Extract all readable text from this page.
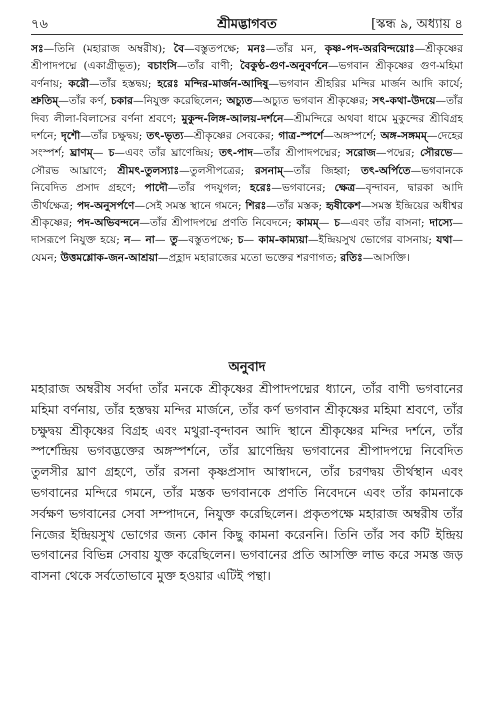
৭৬	শ্রীমদ্ভাগবত	[স্কন্ধ ৯, অধ্যায় ৪

সঃ—তিনি (মহারাজ অম্বরীষ); বৈ—বস্তুতপক্ষে; মনঃ—তাঁর মন, কৃষ্ণ-পদ-অরবিন্দয়োঃ—শ্রীকৃষ্ণের শ্রীপাদপদ্মে (একাগ্রীভূত); বচাংসি—তাঁর বাণী; বৈকুণ্ঠ-গুণ-অনুবর্ণনে—ভগবান শ্রীকৃষ্ণের গুণ-মহিমা বর্ণনায়; করৌ—তাঁর হস্তদ্বয়; হরেঃ মন্দির-মার্জন-আদিষু—ভগবান শ্রীহরির মন্দির মার্জন আদি কার্যে; শ্রুতিম্—তাঁর কর্ণ, চকার—নিযুক্ত করেছিলেন; অচ্যুত—অচ্যুত ভগবান শ্রীকৃষ্ণের; সৎ-কথা-উদয়ে—তাঁর দিব্য লীলা-বিলাসের বর্ণনা শ্রবণে; মুকুন্দ-লিঙ্গ-আলয়-দর্শনে—শ্রীমন্দিরে অথবা ধামে মুকুন্দের শ্রীবিগ্রহ দর্শনে; দৃশৌ—তাঁর চক্ষুদ্বয়; তৎ-ভৃত্য—শ্রীকৃষ্ণের সেবকের; গাত্র-স্পর্শে—অঙ্গস্পর্শে; অঙ্গ-সঙ্গমম্—দেহের সংস্পর্শ; ঘ্রাণম্— চ—এবং তাঁর ঘ্রাণেন্দ্রিয়; তৎ-পাদ—তাঁর শ্রীপাদপদ্মের; সরোজ—পদ্মের; সৌরভে—সৌরভ আঘ্রাণে; শ্রীমৎ-তুলস্যাঃ—তুলসীপত্রের; রসনাম্—তাঁর জিহ্বা; তৎ-অর্পিতে—ভগবানকে নিবেদিত প্রসাদ গ্রহণে; পাদৌ—তাঁর পদযুগল; হরেঃ—ভগবানের; ক্ষেত্র—বৃন্দাবন, দ্বারকা আদি তীর্থক্ষেত্র; পদ-অনুসর্পণে—সেই সমস্ত স্থানে গমনে; শিরঃ—তাঁর মস্তক; হৃষীকেশ—সমস্ত ইন্দ্রিয়ের অধীশ্বর শ্রীকৃষ্ণের; পদ-অভিবন্দনে—তাঁর শ্রীপাদপদ্মে প্রণতি নিবেদনে; কামম্— চ—এবং তাঁর বাসনা; দাস্যে—দাসরূপে নিযুক্ত হয়ে; ন— না— তু—বস্তুতপক্ষে; চ— কাম-কাম্যয়া—ইন্দ্রিয়সুখ ভোগের বাসনায়; যথা—যেমন; উত্তমশ্লোক-জন-আশ্রয়া—প্রহ্লাদ মহারাজের মতো ভক্তের শরণাগত; রতিঃ—আসক্তি।

অনুবাদ

মহারাজ অম্বরীষ সর্বদা তাঁর মনকে শ্রীকৃষ্ণের শ্রীপাদপদ্মের ধ্যানে, তাঁর বাণী ভগবানের মহিমা বর্ণনায়, তাঁর হস্তদ্বয় মন্দির মার্জনে, তাঁর কর্ণ ভগবান শ্রীকৃষ্ণের মহিমা শ্রবণে, তাঁর চক্ষুদ্বয় শ্রীকৃষ্ণের বিগ্রহ এবং মথুরা-বৃন্দাবন আদি স্থানে শ্রীকৃষ্ণের মন্দির দর্শনে, তাঁর স্পর্শেন্দ্রিয় ভগবদ্ভক্তের অঙ্গস্পর্শনে, তাঁর ঘ্রাণেন্দ্রিয় ভগবানের শ্রীপাদপদ্মে নিবেদিত তুলসীর ঘ্রাণ গ্রহণে, তাঁর রসনা কৃষ্ণপ্রসাদ আস্বাদনে, তাঁর চরণদ্বয় তীর্থস্থান এবং ভগবানের মন্দিরে গমনে, তাঁর মস্তক ভগবানকে প্রণতি নিবেদনে এবং তাঁর কামনাকে সর্বক্ষণ ভগবানের সেবা সম্পাদনে, নিযুক্ত করেছিলেন। প্রকৃতপক্ষে মহারাজ অম্বরীষ তাঁর নিজের ইন্দ্রিয়সুখ ভোগের জন্য কোন কিছু কামনা করেননি। তিনি তাঁর সব কটি ইন্দ্রিয় ভগবানের বিভিন্ন সেবায় যুক্ত করেছিলেন। ভগবানের প্রতি আসক্তি লাভ করে সমস্ত জড় বাসনা থেকে সর্বতোভাবে মুক্ত হওয়ার এটিই পন্থা।
